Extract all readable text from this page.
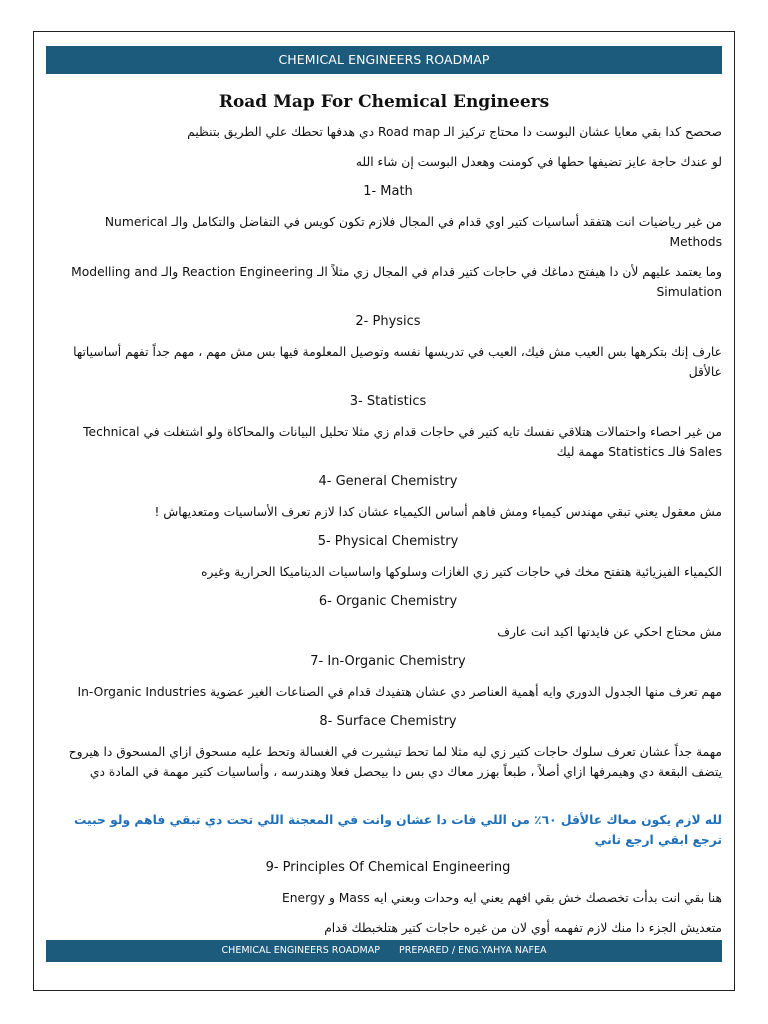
CHEMICAL ENGINEERS ROADMAP
Road Map For Chemical Engineers

صحصح كدا بقي معايا عشان البوست دا محتاج تركيز الـ Road map دي هدفها تحطك علي الطريق بتنظيم

لو عندك حاجة عايز تضيفها حطها في كومنت وهعدل البوست إن شاء الله

1- Math

من غير رياضيات انت هتفقد أساسيات كتير اوي قدام في المجال فلازم تكون كويس في التفاضل والتكامل والـ Numerical Methods

وما يعتمد عليهم لأن دا هيفتح دماغك في حاجات كتير قدام في المجال زي مثلاً الـ Reaction Engineering والـ Modelling and Simulation

2- Physics

عارف إنك بتكرهها بس العيب مش فيك، العيب في تدريسها نفسه وتوصيل المعلومة فيها بس مش مهم ، مهم جداً تفهم أساسياتها عالأقل

3- Statistics

من غير احصاء واحتمالات هتلاقي نفسك تايه كتير في حاجات قدام زي مثلا تحليل البيانات والمحاكاة ولو اشتغلت في Technical Sales فالـ Statistics مهمة ليك

4- General Chemistry

مش معقول يعني تبقي مهندس كيمياء ومش فاهم أساس الكيمياء عشان كدا لازم تعرف الأساسيات ومتعديهاش !

5- Physical Chemistry

الكيمياء الفيزيائية هتفتح مخك في حاجات كتير زي الغازات وسلوكها واساسيات الديناميكا الحرارية وغيره

6- Organic Chemistry

مش محتاج احكي عن فايدتها اكيد انت عارف

7- In-Organic Chemistry

مهم تعرف منها الجدول الدوري وايه أهمية العناصر دي عشان هتفيدك قدام في الصناعات الغير عضوية In-Organic Industries

8- Surface Chemistry

مهمة جداً عشان تعرف سلوك حاجات كتير زي ليه مثلا لما تحط تيشيرت في الغسالة وتحط عليه مسحوق ازاي المسحوق دا هيروح يتضف البقعة دي وهيمرفها ازاي أصلاً ، طبعاً بهزر معاك دي بس دا بيحصل فعلا وهندرسه ، وأساسيات كتير مهمة في المادة دي

لله لازم يكون معاك عالأقل ٦٠٪ من اللي فات دا عشان وانت في المعجنة اللي تحت دي تبقي فاهم ولو حبيت ترجع ابقي ارجع تاني

9- Principles Of Chemical Engineering

هنا بقي انت بدأت تخصصك خش بقي افهم يعني ايه وحدات وبعني ايه Mass و Energy

متعديش الجزء دا منك لازم تفهمه أوي لان من غيره حاجات كتير هتلخبطك قدام

CHEMICAL ENGINEERS ROADMAP PREPARED / ENG.YAHYA NAFEA
